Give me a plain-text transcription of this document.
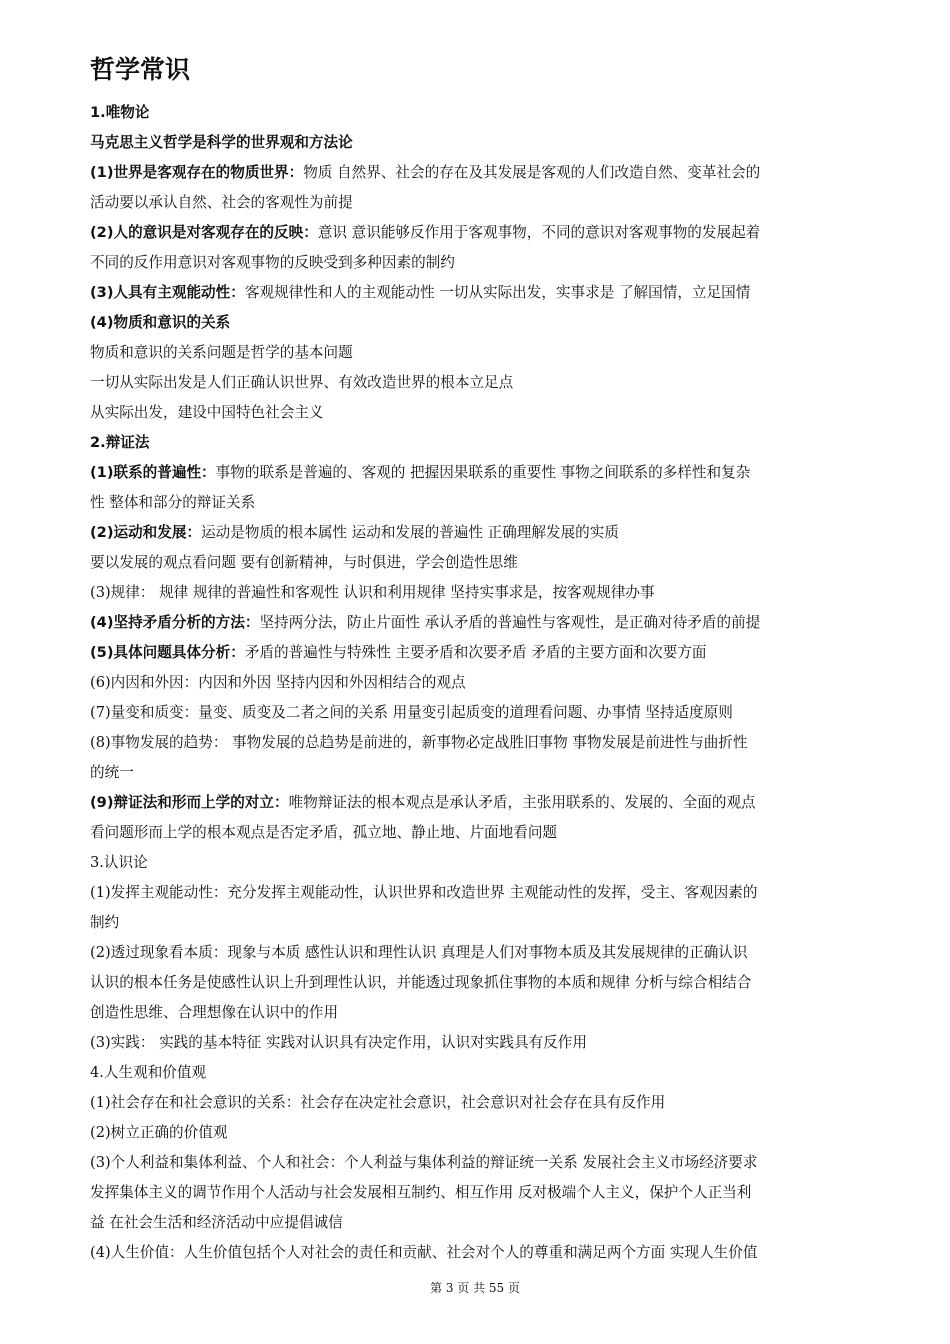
哲学常识
1.唯物论
马克思主义哲学是科学的世界观和方法论
(1)世界是客观存在的物质世界：物质 自然界、社会的存在及其发展是客观的人们改造自然、变革社会的
活动要以承认自然、社会的客观性为前提
(2)人的意识是对客观存在的反映：意识 意识能够反作用于客观事物，不同的意识对客观事物的发展起着
不同的反作用意识对客观事物的反映受到多种因素的制约
(3)人具有主观能动性：客观规律性和人的主观能动性 一切从实际出发，实事求是 了解国情，立足国情
(4)物质和意识的关系
物质和意识的关系问题是哲学的基本问题
一切从实际出发是人们正确认识世界、有效改造世界的根本立足点
从实际出发，建设中国特色社会主义
2.辩证法
(1)联系的普遍性：事物的联系是普遍的、客观的 把握因果联系的重要性 事物之间联系的多样性和复杂
性 整体和部分的辩证关系
(2)运动和发展：运动是物质的根本属性 运动和发展的普遍性 正确理解发展的实质
要以发展的观点看问题 要有创新精神，与时俱进，学会创造性思维
(3)规律： 规律 规律的普遍性和客观性 认识和利用规律 坚持实事求是，按客观规律办事
(4)坚持矛盾分析的方法：坚持两分法，防止片面性 承认矛盾的普遍性与客观性，是正确对待矛盾的前提
(5)具体问题具体分析：矛盾的普遍性与特殊性 主要矛盾和次要矛盾 矛盾的主要方面和次要方面
(6)内因和外因：内因和外因 坚持内因和外因相结合的观点
(7)量变和质变：量变、质变及二者之间的关系 用量变引起质变的道理看问题、办事情 坚持适度原则
(8)事物发展的趋势： 事物发展的总趋势是前进的，新事物必定战胜旧事物 事物发展是前进性与曲折性
的统一
(9)辩证法和形而上学的对立：唯物辩证法的根本观点是承认矛盾，主张用联系的、发展的、全面的观点
看问题形而上学的根本观点是否定矛盾，孤立地、静止地、片面地看问题
3.认识论
(1)发挥主观能动性：充分发挥主观能动性，认识世界和改造世界 主观能动性的发挥，受主、客观因素的
制约
(2)透过现象看本质：现象与本质 感性认识和理性认识 真理是人们对事物本质及其发展规律的正确认识
认识的根本任务是使感性认识上升到理性认识，并能透过现象抓住事物的本质和规律 分析与综合相结合
创造性思维、合理想像在认识中的作用
(3)实践： 实践的基本特征 实践对认识具有决定作用，认识对实践具有反作用
4.人生观和价值观
(1)社会存在和社会意识的关系：社会存在决定社会意识，社会意识对社会存在具有反作用
(2)树立正确的价值观
(3)个人利益和集体利益、个人和社会：个人利益与集体利益的辩证统一关系 发展社会主义市场经济要求
发挥集体主义的调节作用个人活动与社会发展相互制约、相互作用 反对极端个人主义，保护个人正当利
益 在社会生活和经济活动中应提倡诚信
(4)人生价值：人生价值包括个人对社会的责任和贡献、社会对个人的尊重和满足两个方面 实现人生价值
第 3 页 共 55 页
